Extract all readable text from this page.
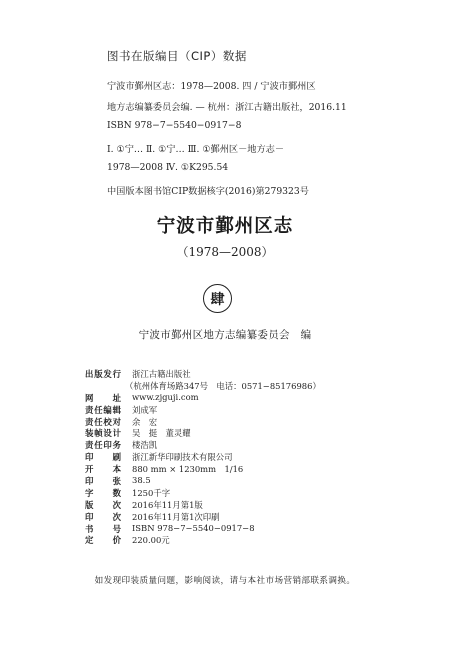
图书在版编目（CIP）数据
宁波市鄞州区志：1978—2008. 四 / 宁波市鄞州区
地方志编纂委员会编. — 杭州：浙江古籍出版社，2016.11
ISBN 978−7−5540−0917−8
Ⅰ. ①宁… Ⅱ. ①宁… Ⅲ. ①鄞州区－地方志－
1978—2008 Ⅳ. ①K295.54
中国版本图书馆CIP数据核字(2016)第279323号
宁波市鄞州区志
（1978—2008）
肆
宁波市鄞州区地方志编纂委员会　编
出版发行 浙江古籍出版社
（杭州体育场路347号　电话：0571−85176986）
网　　址 www.zjguji.com
责任编辑 刘成军
责任校对 余　宏
装帧设计 吴　挺　董灵耀
责任印务 楼浩凯
印　　刷 浙江新华印刷技术有限公司
开　　本 880 mm × 1230mm　1/16
印　　张 38.5
字　　数 1250千字
版　　次 2016年11月第1版
印　　次 2016年11月第1次印刷
书　　号 ISBN 978−7−5540−0917−8
定　　价 220.00元
如发现印装质量问题，影响阅读，请与本社市场营销部联系调换。
